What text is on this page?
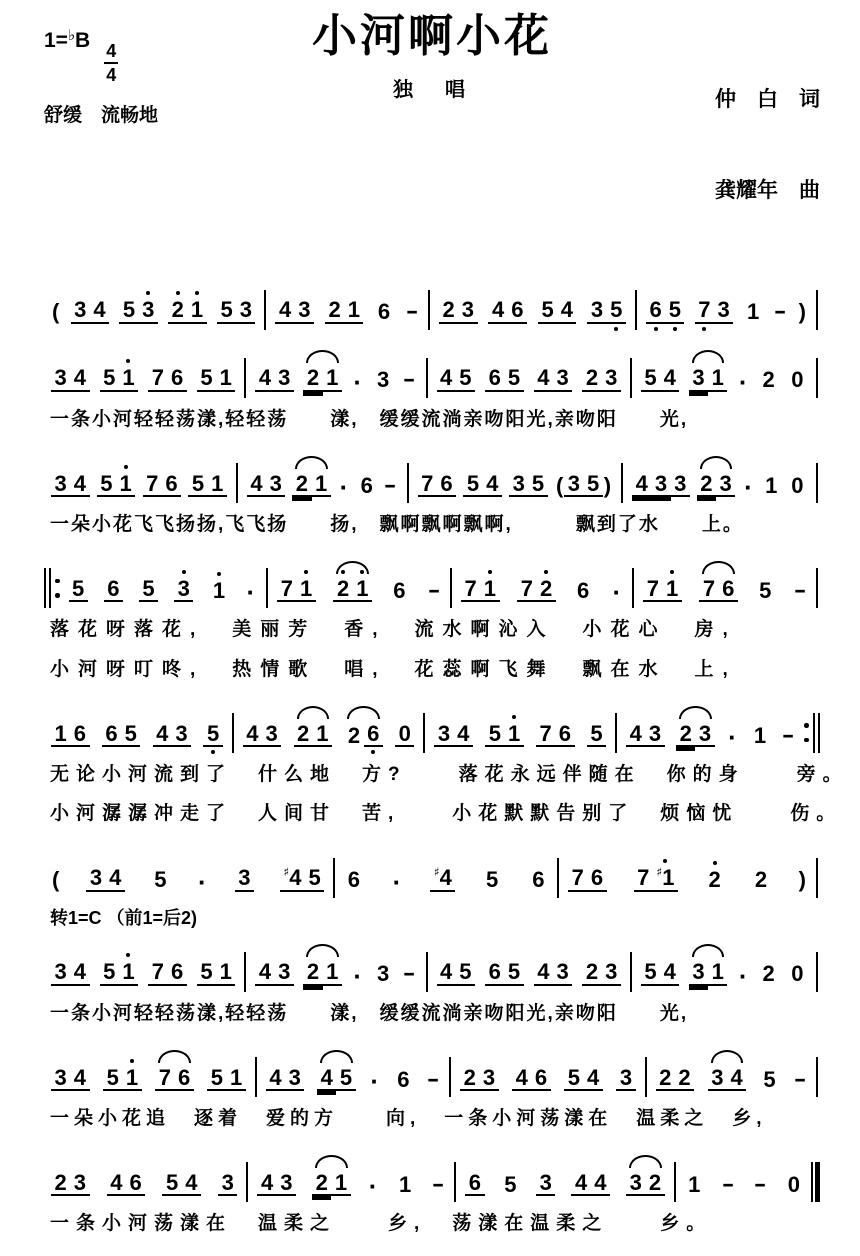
1=♭B
$\frac{4}{4}$
舒缓　流畅地
小河啊小花
独　唱

	仲　白　词

龚耀年　曲

( 3 4 5 3 2 1 5 3 4 3 2 1 6 - 2 3 4 6 5 4 3 5 6 5 7 3 1 - )
3 4 5 1 7 6 5 1 4 3 2 1 · 3 - 4 5 6 5 4 3 2 3 5 4 3 1 · 2 0
一条小河轻轻荡漾,轻轻荡　　漾,　缓缓流淌亲吻阳光,亲吻阳　　光,
3 4 5 1 7 6 5 1 4 3 2 1 · 6 - 7 6 5 4 3 5 ( 3 5 ) 4 3 3 2 3 · 1 0
一朵小花飞飞扬扬,飞飞扬　　扬,　飘啊飘啊飘啊,　　　飘到了水　　上。
5 6 5 3 1 · 7 1 2 1 6 - 7 1 7 2 6 · 7 1 7 6 5 -
落花呀落花,　美丽芳　香,　流水啊沁入　小花心　房,
小河呀叮咚,　热情歌　唱,　花蕊啊飞舞　飘在水　上,
1 6 6 5 4 3 5 4 3 2 1 2 6 0 3 4 5 1 7 6 5 4 3 2 3 · 1 -
无论小河流到了　什么地　方?　　落花永远伴随在　你的身　　旁。
小河潺潺冲走了　人间甘　苦,　　小花默默告别了　烦恼忧　　伤。
( 3 4 5 · 3	♯4 5 6 ·	♯4 5 6 7 6 7 ♯1 2 2 )
转1=C （前1=后2)
3 4 5 1 7 6 5 1 4 3 2 1 · 3 - 4 5 6 5 4 3 2 3 5 4 3 1 · 2 0
一条小河轻轻荡漾,轻轻荡　　漾,　缓缓流淌亲吻阳光,亲吻阳　　光,
3 4 5 1 7 6 5 1 4 3 4 5 · 6 - 2 3 4 6 5 4 3 2 2 3 4 5 -
一朵小花追　逐着　爱的方　　向,　一条小河荡漾在　温柔之　乡,
2 3 4 6 5 4 3 4 3 2 1 · 1 - 6 5 3 4 4 3 2 1 - - 0
一条小河荡漾在　温柔之　　乡,　荡漾在温柔之　　乡。
